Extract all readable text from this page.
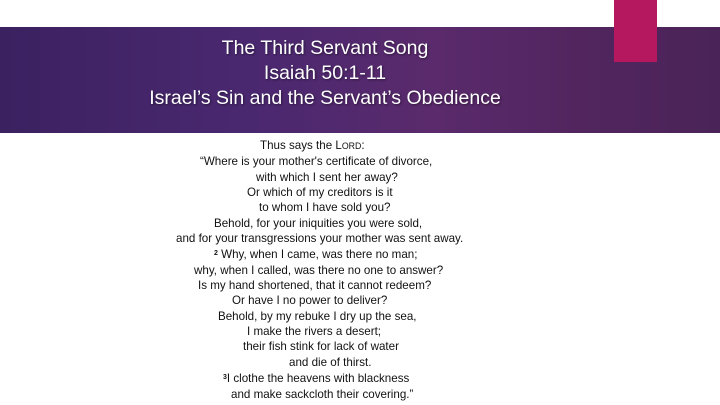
The Third Servant Song
Isaiah 50:1-11
Israel’s Sin and the Servant’s Obedience
Thus says the LORD:
“Where is your mother's certificate of divorce,
with which I sent her away?
Or which of my creditors is it
to whom I have sold you?
Behold, for your iniquities you were sold,
and for your transgressions your mother was sent away.
$^2$ Why, when I came, was there no man;
why, when I called, was there no one to answer?
Is my hand shortened, that it cannot redeem?
Or have I no power to deliver?
Behold, by my rebuke I dry up the sea,
I make the rivers a desert;
their fish stink for lack of water
and die of thirst.
$^3$I clothe the heavens with blackness
and make sackcloth their covering.”
